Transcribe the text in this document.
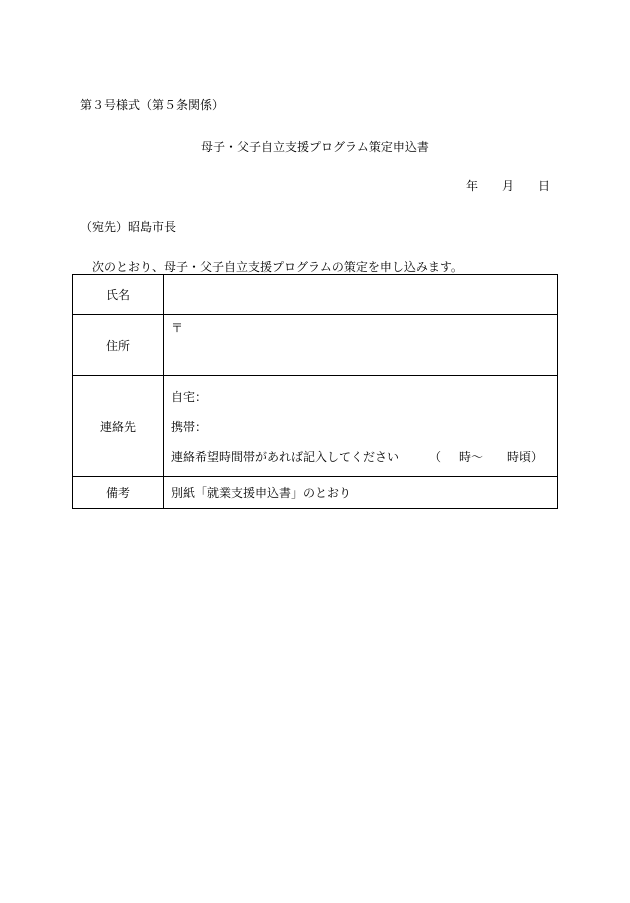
第３号様式（第５条関係）
母子・父子自立支援プログラム策定申込書
年 月 日
（宛先）昭島市長
次のとおり、母子・父子自立支援プログラムの策定を申し込みます。
氏名	
住所	〒
連絡先	自宅：
携帯：
連絡希望時間帯があれば記入してください （ 時～ 時頃）

備考	別紙「就業支援申込書」のとおり
